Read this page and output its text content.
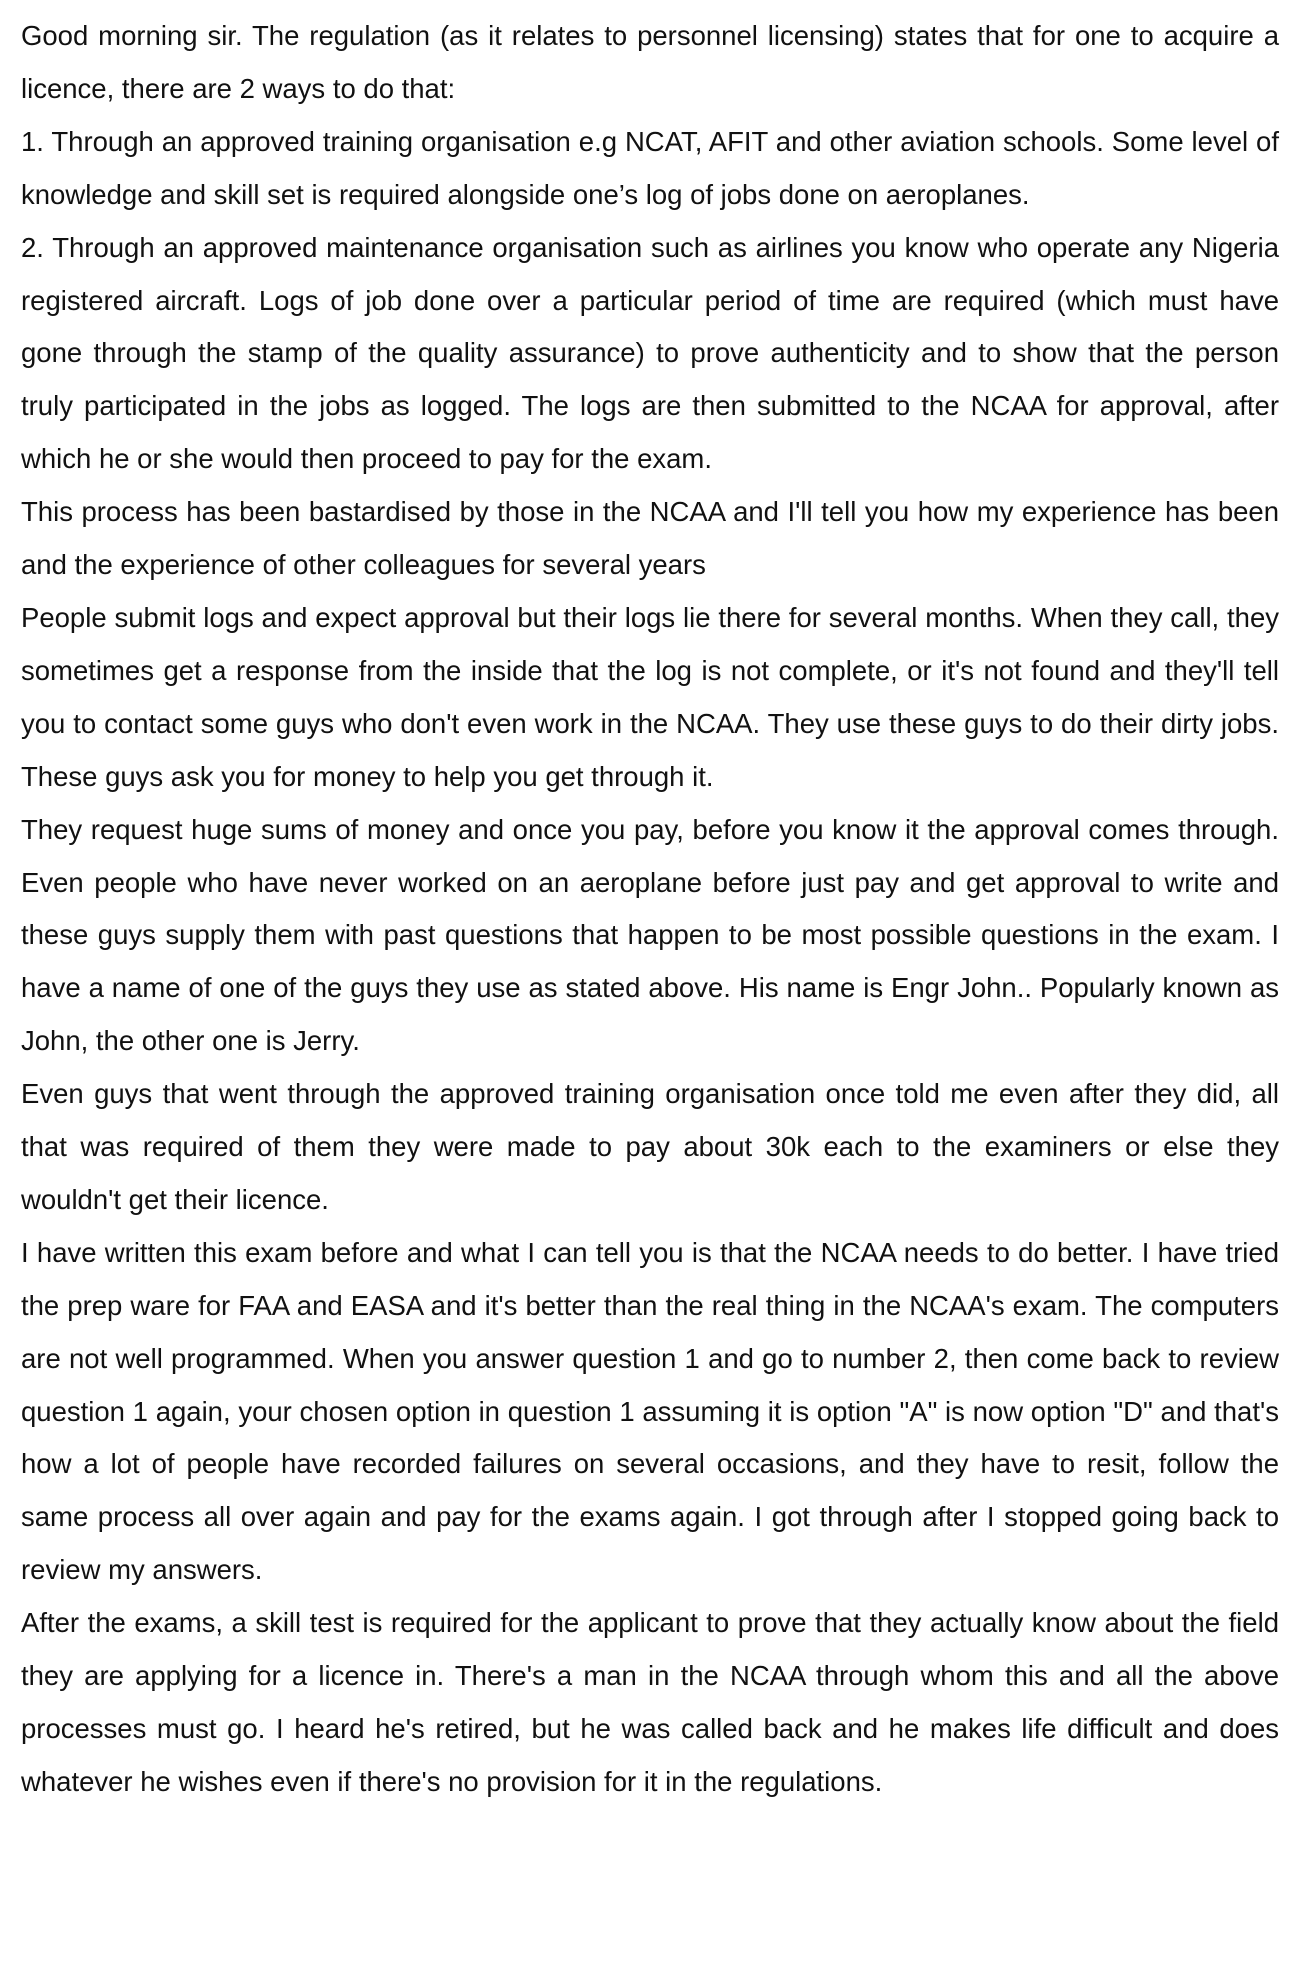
Good morning sir. The regulation (as it relates to personnel licensing) states that for one to acquire a licence, there are 2 ways to do that:

1. Through an approved training organisation e.g NCAT, AFIT and other aviation schools. Some level of knowledge and skill set is required alongside one’s log of jobs done on aeroplanes.

2. Through an approved maintenance organisation such as airlines you know who operate any Nigeria registered aircraft. Logs of job done over a particular period of time are required (which must have gone through the stamp of the quality assurance) to prove authenticity and to show that the person truly participated in the jobs as logged. The logs are then submitted to the NCAA for approval, after which he or she would then proceed to pay for the exam.

This process has been bastardised by those in the NCAA and I'll tell you how my experience has been and the experience of other colleagues for several years

People submit logs and expect approval but their logs lie there for several months. When they call, they sometimes get a response from the inside that the log is not complete, or it's not found and they'll tell you to contact some guys who don't even work in the NCAA. They use these guys to do their dirty jobs. These guys ask you for money to help you get through it.

They request huge sums of money and once you pay, before you know it the approval comes through. Even people who have never worked on an aeroplane before just pay and get approval to write and these guys supply them with past questions that happen to be most possible questions in the exam. I have a name of one of the guys they use as stated above. His name is Engr John.. Popularly known as John, the other one is Jerry.

Even guys that went through the approved training organisation once told me even after they did, all that was required of them they were made to pay about 30k each to the examiners or else they wouldn't get their licence.

I have written this exam before and what I can tell you is that the NCAA needs to do better. I have tried the prep ware for FAA and EASA and it's better than the real thing in the NCAA's exam. The computers are not well programmed. When you answer question 1 and go to number 2, then come back to review question 1 again, your chosen option in question 1 assuming it is option "A" is now option "D" and that's how a lot of people have recorded failures on several occasions, and they have to resit, follow the same process all over again and pay for the exams again. I got through after I stopped going back to review my answers.

After the exams, a skill test is required for the applicant to prove that they actually know about the field they are applying for a licence in. There's a man in the NCAA through whom this and all the above processes must go. I heard he's retired, but he was called back and he makes life difficult and does whatever he wishes even if there's no provision for it in the regulations.
